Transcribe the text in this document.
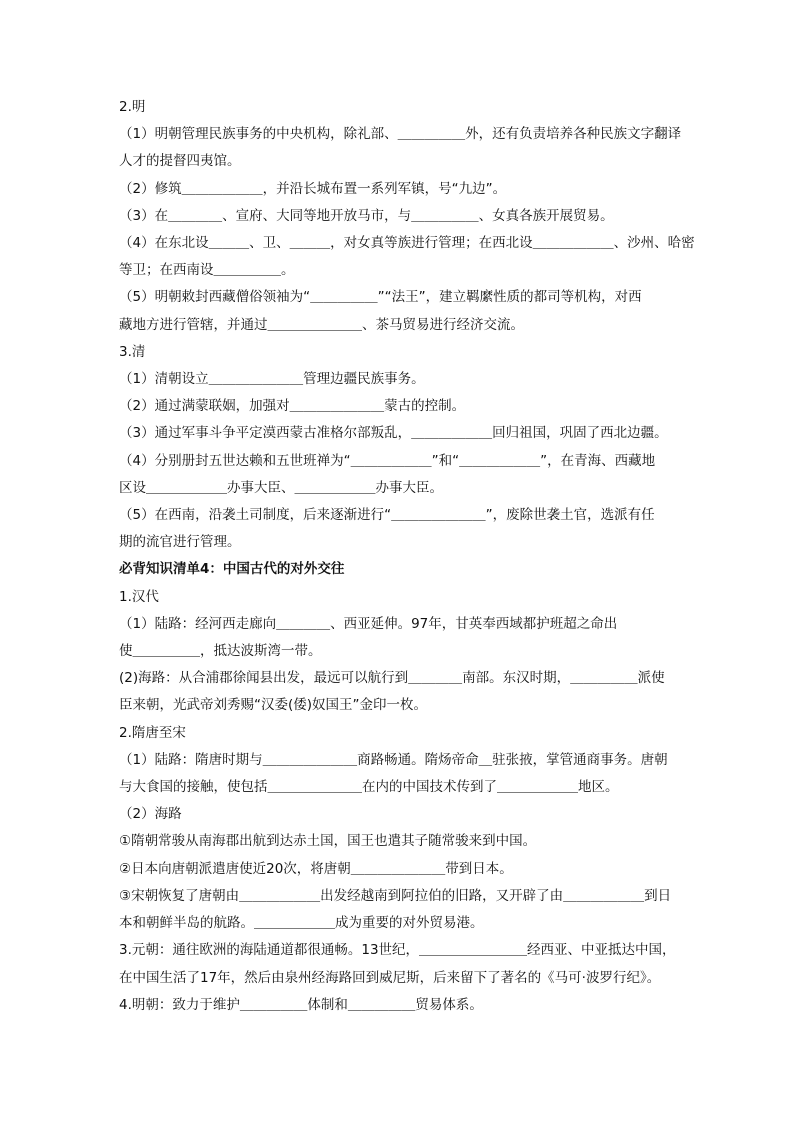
2.明
（1）明朝管理民族事务的中央机构，除礼部、＿＿＿＿＿外，还有负责培养各种民族文字翻译
人才的提督四夷馆。
（2）修筑＿＿＿＿＿＿，并沿长城布置一系列军镇，号“九边”。
（3）在＿＿＿＿、宣府、大同等地开放马市，与＿＿＿＿＿、女真各族开展贸易。
（4）在东北设＿＿＿、卫、＿＿＿，对女真等族进行管理；在西北设＿＿＿＿＿＿、沙州、哈密
等卫；在西南设＿＿＿＿＿。
（5）明朝敕封西藏僧俗领袖为“＿＿＿＿＿”“法王”，建立羁縻性质的都司等机构，对西
藏地方进行管辖，并通过＿＿＿＿＿＿＿、茶马贸易进行经济交流。
3.清
（1）清朝设立＿＿＿＿＿＿＿管理边疆民族事务。
（2）通过满蒙联姻，加强对＿＿＿＿＿＿＿蒙古的控制。
（3）通过军事斗争平定漠西蒙古准格尔部叛乱，＿＿＿＿＿＿回归祖国，巩固了西北边疆。
（4）分别册封五世达赖和五世班禅为“＿＿＿＿＿＿”和“＿＿＿＿＿＿”，在青海、西藏地
区设＿＿＿＿＿＿办事大臣、＿＿＿＿＿＿办事大臣。
（5）在西南，沿袭土司制度，后来逐渐进行“＿＿＿＿＿＿＿”，废除世袭土官，选派有任
期的流官进行管理。
必背知识清单4：中国古代的对外交往
1.汉代
（1）陆路：经河西走廊向＿＿＿＿、西亚延伸。97年，甘英奉西域都护班超之命出
使＿＿＿＿＿，抵达波斯湾一带。
(2)海路：从合浦郡徐闻县出发，最远可以航行到＿＿＿＿南部。东汉时期，＿＿＿＿＿派使
臣来朝，光武帝刘秀赐“汉委(倭)奴国王”金印一枚。
2.隋唐至宋
（1）陆路：隋唐时期与＿＿＿＿＿＿＿商路畅通。隋炀帝命＿驻张掖，掌管通商事务。唐朝
与大食国的接触，使包括＿＿＿＿＿＿＿在内的中国技术传到了＿＿＿＿＿＿地区。
（2）海路
①隋朝常骏从南海郡出航到达赤土国，国王也遣其子随常骏来到中国。
②日本向唐朝派遣唐使近20次，将唐朝＿＿＿＿＿＿＿带到日本。
③宋朝恢复了唐朝由＿＿＿＿＿＿出发经越南到阿拉伯的旧路，又开辟了由＿＿＿＿＿＿到日
本和朝鲜半岛的航路。＿＿＿＿＿＿成为重要的对外贸易港。
3.元朝：通往欧洲的海陆通道都很通畅。13世纪，＿＿＿＿＿＿＿＿经西亚、中亚抵达中国，
在中国生活了17年，然后由泉州经海路回到威尼斯，后来留下了著名的《马可·波罗行纪》。
4.明朝：致力于维护＿＿＿＿＿体制和＿＿＿＿＿贸易体系。
